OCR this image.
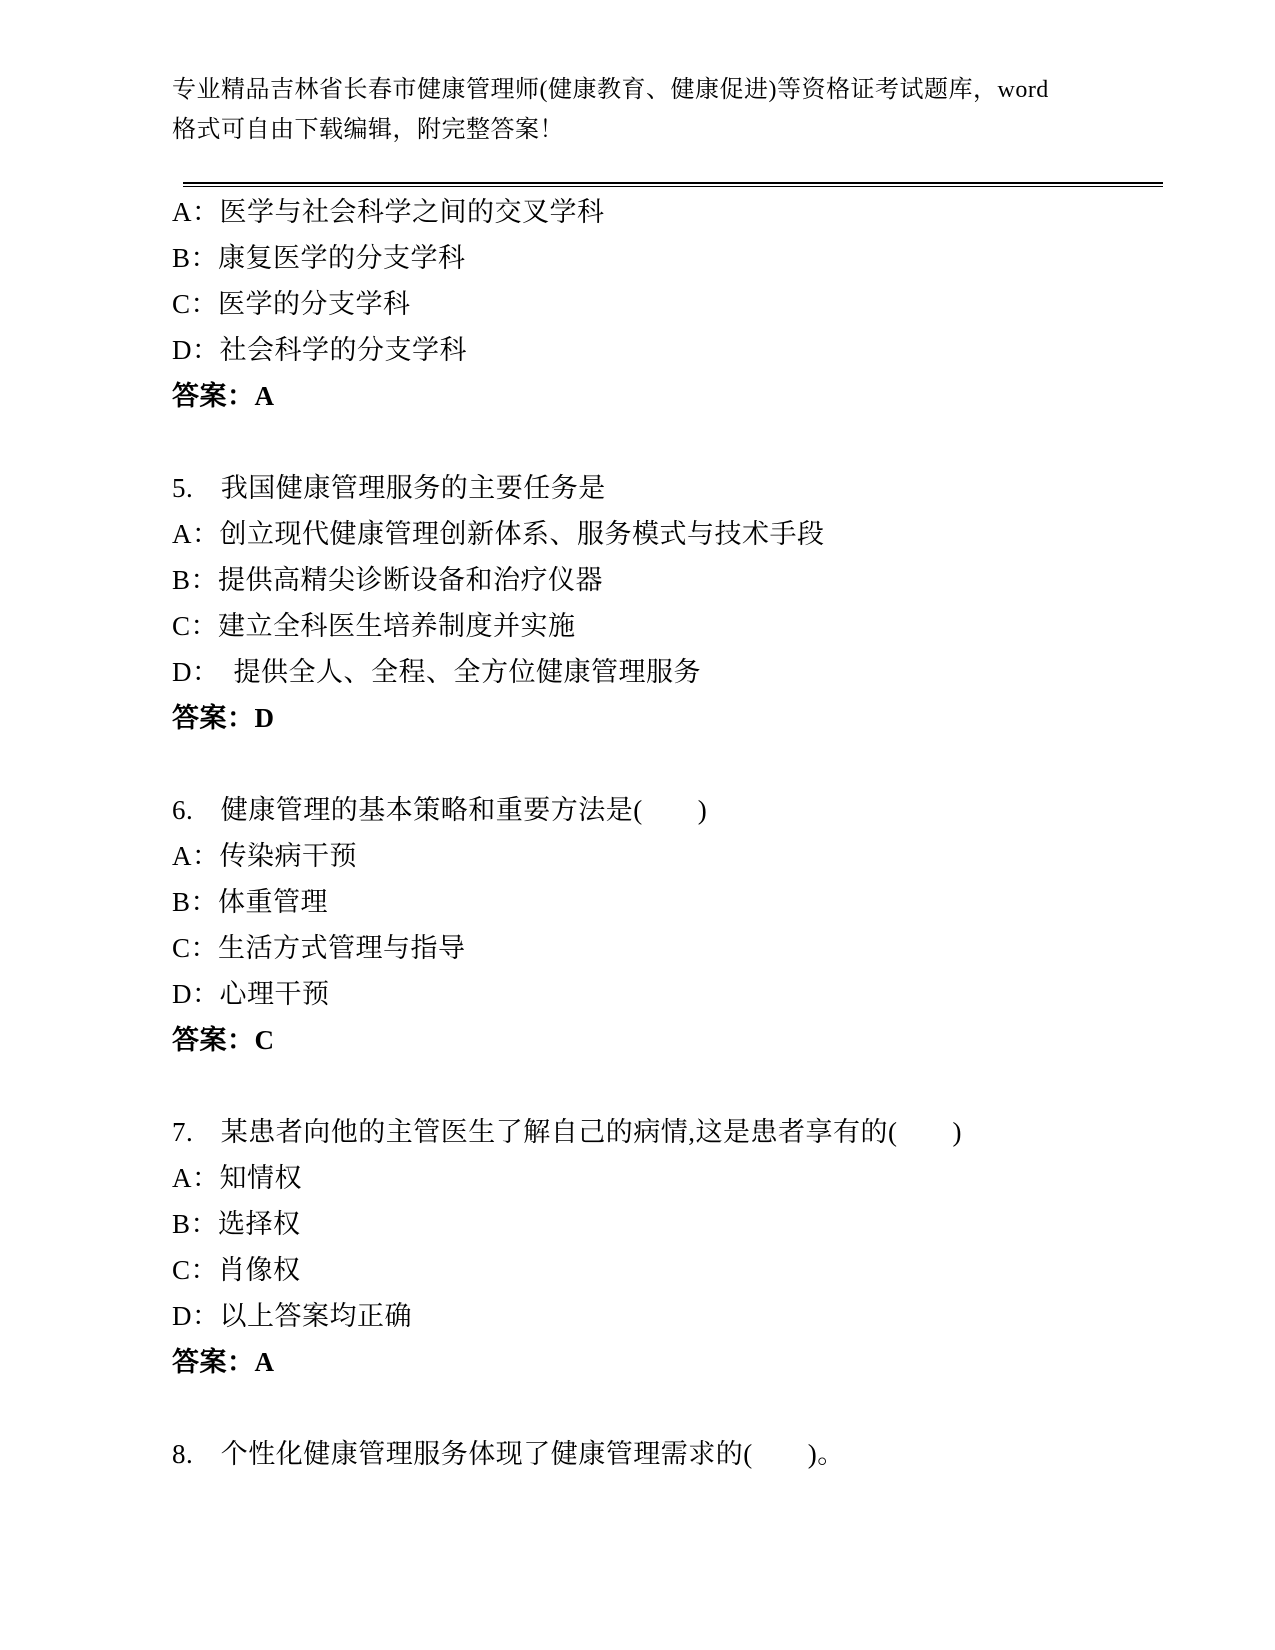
专业精品吉林省长春市健康管理师(健康教育、健康促进)等资格证考试题库，word
格式可自由下载编辑，附完整答案！
A：医学与社会科学之间的交叉学科
B：康复医学的分支学科
C：医学的分支学科
D：社会科学的分支学科
答案：A
5.　我国健康管理服务的主要任务是
A：创立现代健康管理创新体系、服务模式与技术手段
B：提供高精尖诊断设备和治疗仪器
C：建立全科医生培养制度并实施
D：　提供全人、全程、全方位健康管理服务
答案：D
6.　健康管理的基本策略和重要方法是(　　)
A：传染病干预
B：体重管理
C：生活方式管理与指导
D：心理干预
答案：C
7.　某患者向他的主管医生了解自己的病情,这是患者享有的(　　)
A：知情权
B：选择权
C：肖像权
D：以上答案均正确
答案：A
8.　个性化健康管理服务体现了健康管理需求的(　　)。
